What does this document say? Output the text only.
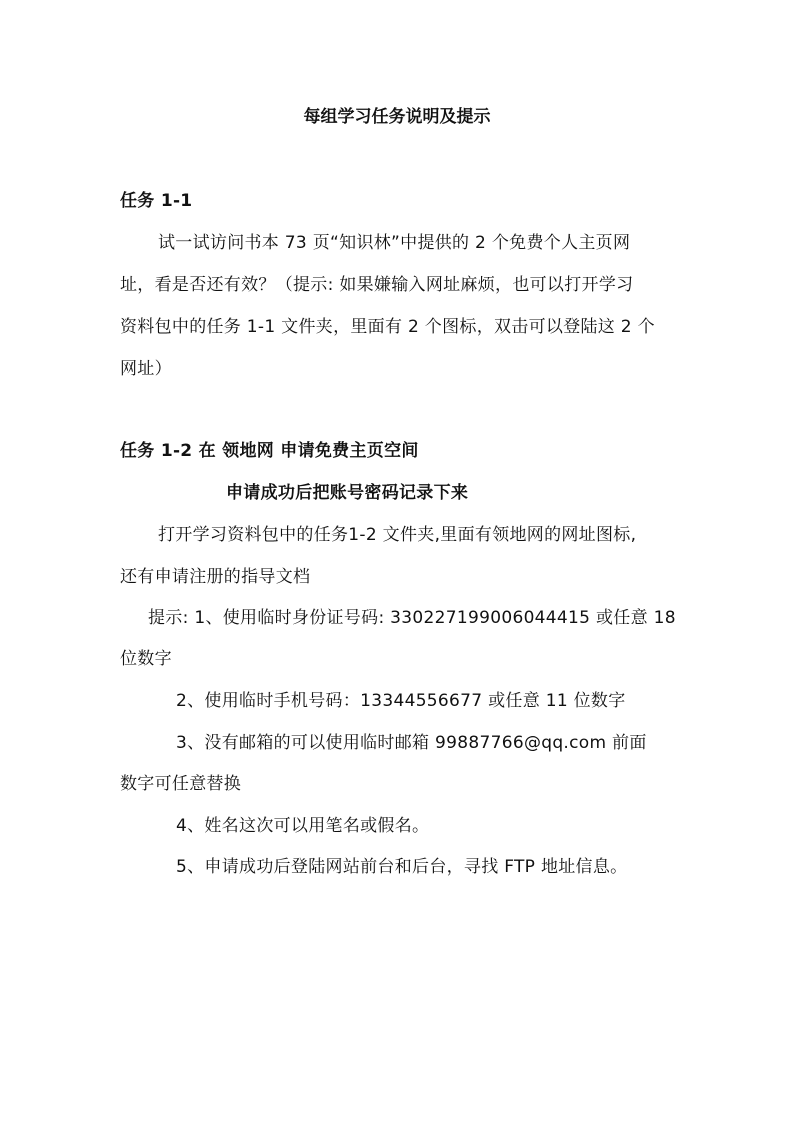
每组学习任务说明及提示
任务 1-1
试一试访问书本 73 页“知识林”中提供的 2 个免费个人主页网
址，看是否还有效？（提示: 如果嫌输入网址麻烦，也可以打开学习
资料包中的任务 1-1 文件夹，里面有 2 个图标，双击可以登陆这 2 个
网址）
任务 1-2 在 领地网 申请免费主页空间
申请成功后把账号密码记录下来
打开学习资料包中的任务1-2 文件夹,里面有领地网的网址图标,
还有申请注册的指导文档
提示: 1、使用临时身份证号码: 330227199006044415 或任意 18
位数字
2、使用临时手机号码：13344556677 或任意 11 位数字
3、没有邮箱的可以使用临时邮箱 99887766@qq.com 前面
数字可任意替换
4、姓名这次可以用笔名或假名。
5、申请成功后登陆网站前台和后台，寻找 FTP 地址信息。
